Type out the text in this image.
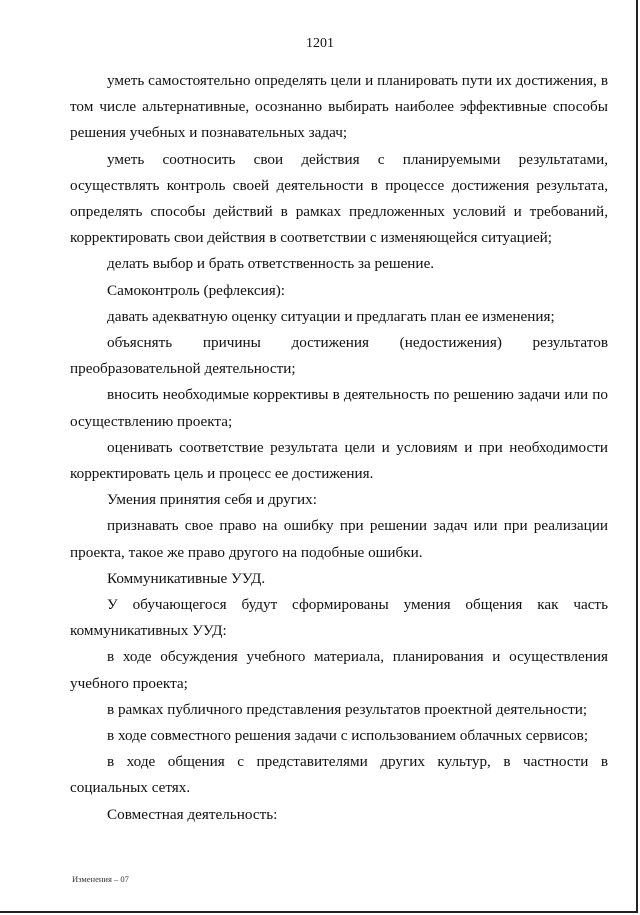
1201

уметь самостоятельно определять цели и планировать пути их достижения, в том числе альтернативные, осознанно выбирать наиболее эффективные способы решения учебных и познавательных задач;

уметь соотносить свои действия с планируемыми результатами, осуществлять контроль своей деятельности в процессе достижения результата, определять способы действий в рамках предложенных условий и требований, корректировать свои действия в соответствии с изменяющейся ситуацией;

делать выбор и брать ответственность за решение.

Самоконтроль (рефлексия):

давать адекватную оценку ситуации и предлагать план ее изменения;

объяснять причины достижения (недостижения) результатов преобразовательной деятельности;

вносить необходимые коррективы в деятельность по решению задачи или по осуществлению проекта;

оценивать соответствие результата цели и условиям и при необходимости корректировать цель и процесс ее достижения.

Умения принятия себя и других:

признавать свое право на ошибку при решении задач или при реализации проекта, такое же право другого на подобные ошибки.

Коммуникативные УУД.

У обучающегося будут сформированы умения общения как часть коммуникативных УУД:

в ходе обсуждения учебного материала, планирования и осуществления учебного проекта;

в рамках публичного представления результатов проектной деятельности;

в ходе совместного решения задачи с использованием облачных сервисов;

в ходе общения с представителями других культур, в частности в социальных сетях.

Совместная деятельность:

Изменения – 07
